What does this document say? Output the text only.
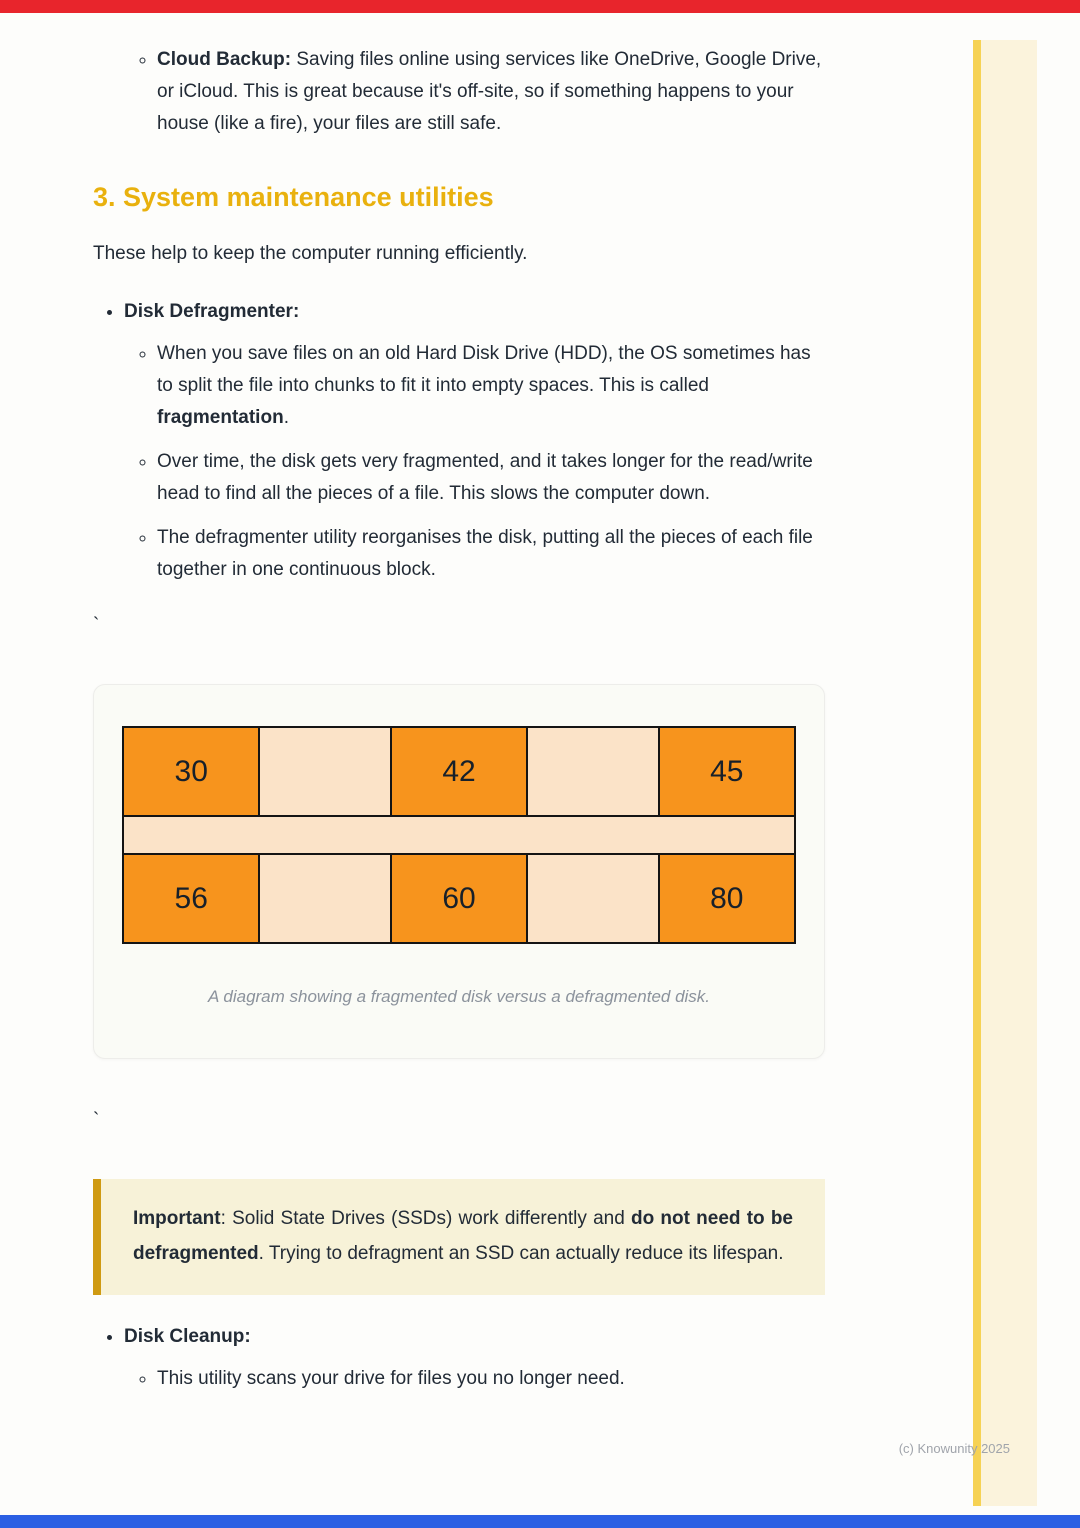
◦ Cloud Backup: Saving files online using services like OneDrive, Google Drive, or iCloud. This is great because it's off-site, so if something happens to your house (like a fire), your files are still safe.
3. System maintenance utilities

These help to keep the computer running efficiently.

• Disk Defragmenter:
◦ When you save files on an old Hard Disk Drive (HDD), the OS sometimes has to split the file into chunks to fit it into empty spaces. This is called fragmentation.
◦ Over time, the disk gets very fragmented, and it takes longer for the read/write head to find all the pieces of a file. This slows the computer down.
◦ The defragmenter utility reorganises the disk, putting all the pieces of each file together in one continuous block.
`
30	42	45
56	60	80
A diagram showing a fragmented disk versus a defragmented disk.
`

Important: Solid State Drives (SSDs) work differently and do not need to be defragmented. Trying to defragment an SSD can actually reduce its lifespan.

• Disk Cleanup:
◦ This utility scans your drive for files you no longer need.
(c) Knowunity 2025
